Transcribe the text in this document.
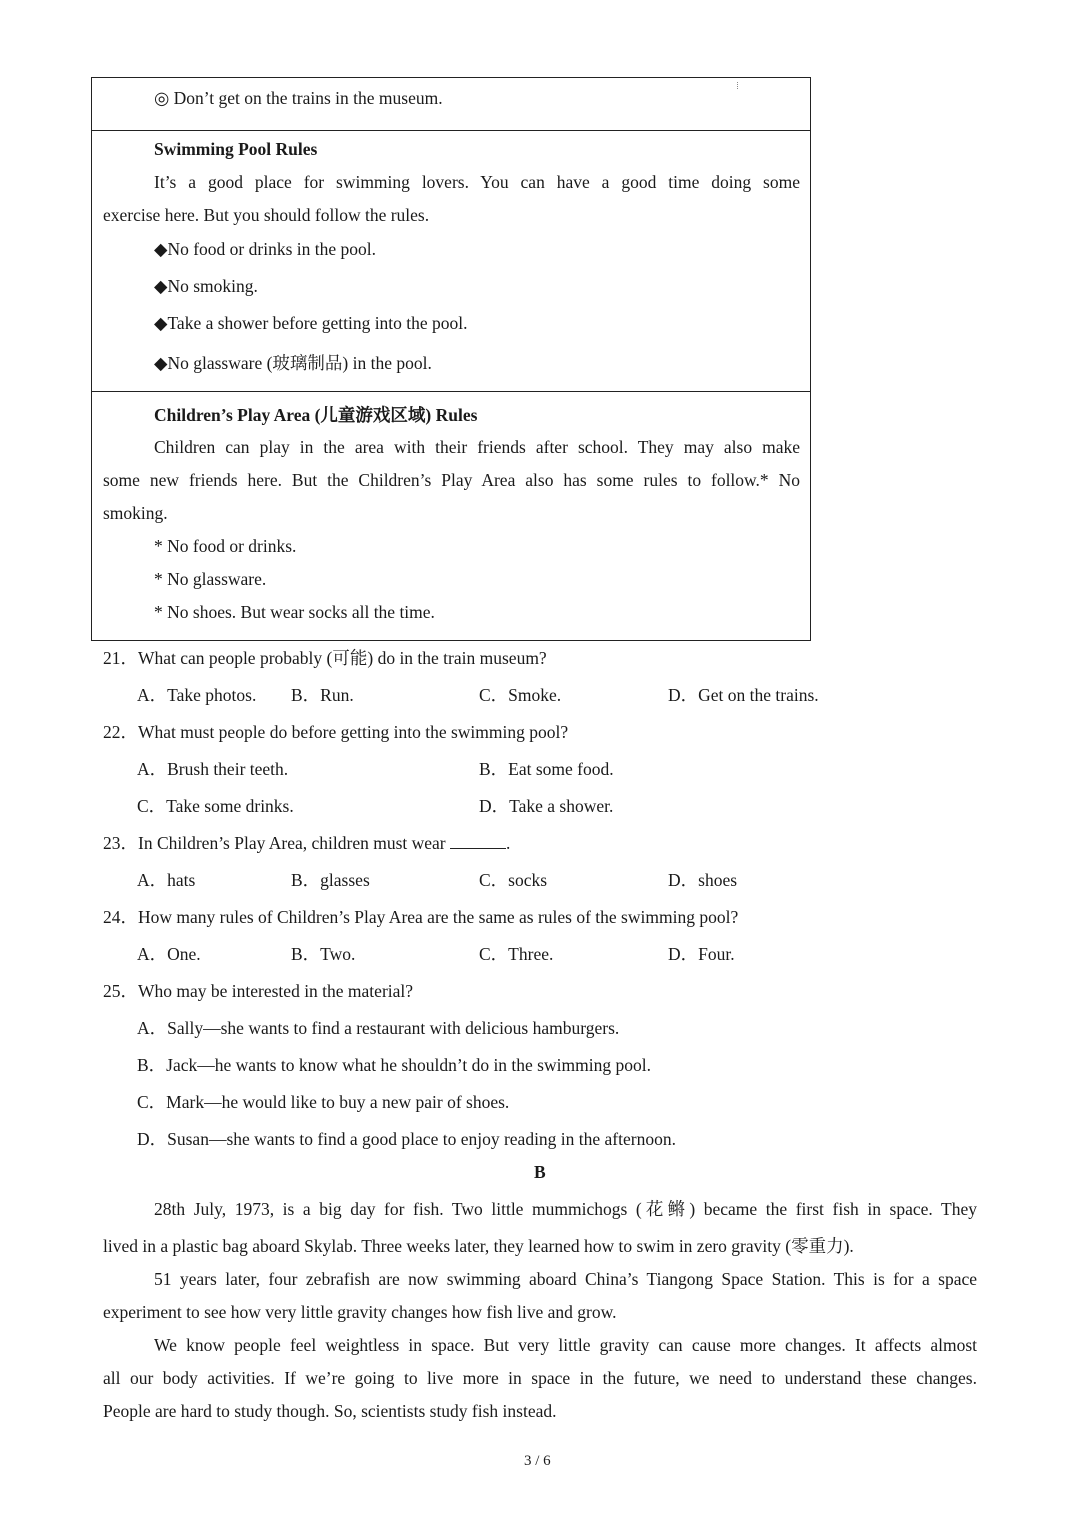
◎ Don’t get on the trains in the museum.
Swimming Pool Rules
It’s a good place for swimming lovers. You can have a good time doing some
exercise here. But you should follow the rules.
◆No food or drinks in the pool.
◆No smoking.
◆Take a shower before getting into the pool.
◆No glassware (玻璃制品) in the pool.
Children’s Play Area (儿童游戏区域) Rules
Children can play in the area with their friends after school. They may also make
some new friends here. But the Children’s Play Area also has some rules to follow.* No
smoking.
* No food or drinks.
* No glassware.
* No shoes. But wear socks all the time.
21．What can people probably (可能) do in the train museum?
A．Take photos. B．Run.	C．Smoke.	D．Get on the trains.
22．What must people do before getting into the swimming pool?
A．Brush their teeth.	B．Eat some food.
C．Take some drinks.	D．Take a shower.
23．In Children’s Play Area, children must wear	.
A．hats	B．glasses	C．socks	D．shoes
24．How many rules of Children’s Play Area are the same as rules of the swimming pool?
A．One.	B．Two.	C．Three.	D．Four.
25．Who may be interested in the material?
A．Sally—she wants to find a restaurant with delicious hamburgers.
B．Jack—he wants to know what he shouldn’t do in the swimming pool.
C．Mark—he would like to buy a new pair of shoes.
D．Susan—she wants to find a good place to enjoy reading in the afternoon.
B
28th July, 1973, is a big day for fish. Two little mummichogs (花鳉) became the first fish in space. They
lived in a plastic bag aboard Skylab. Three weeks later, they learned how to swim in zero gravity (零重力).
51 years later, four zebrafish are now swimming aboard China’s Tiangong Space Station. This is for a space
experiment to see how very little gravity changes how fish live and grow.
We know people feel weightless in space. But very little gravity can cause more changes. It affects almost
all our body activities. If we’re going to live more in space in the future, we need to understand these changes.
People are hard to study though. So, scientists study fish instead.
3 / 6
